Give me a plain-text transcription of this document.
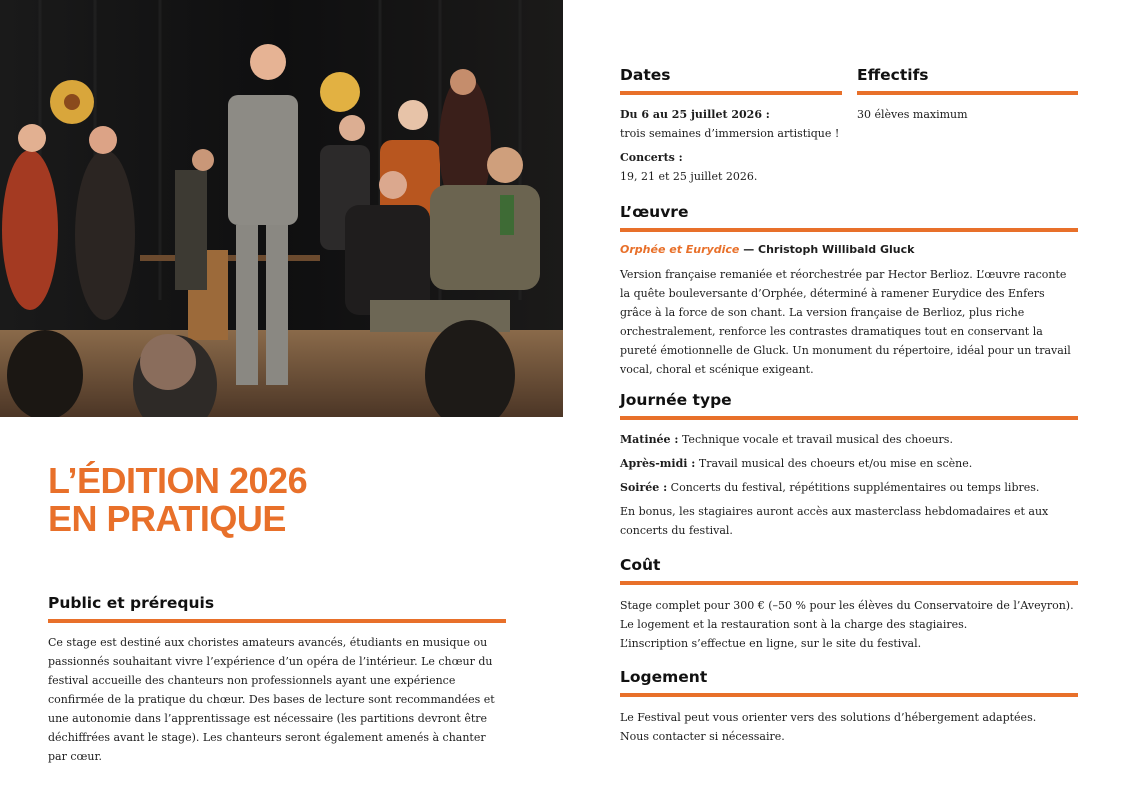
L’ÉDITION 2026
EN PRATIQUE
Public et prérequis

Ce stage est destiné aux choristes amateurs avancés, étudiants en musique ou passionnés souhaitant vivre l’expérience d’un opéra de l’intérieur. Le chœur du festival accueille des chanteurs non professionnels ayant une expérience confirmée de la pratique du chœur. Des bases de lecture sont recommandées et une autonomie dans l’apprentissage est nécessaire (les partitions devront être déchiffrées avant le stage). Les chanteurs seront également amenés à chanter par cœur.

Dates

Du 6 au 25 juillet 2026 :
trois semaines d’immersion artistique !

Concerts :
19, 21 et 25 juillet 2026.

Effectifs

30 élèves maximum

L’œuvre

Orphée et Eurydice — Christoph Willibald Gluck

Version française remaniée et réorchestrée par Hector Berlioz. L’œuvre raconte la quête bouleversante d’Orphée, déterminé à ramener Eurydice des Enfers grâce à la force de son chant. La version française de Berlioz, plus riche orchestralement, renforce les contrastes dramatiques tout en conservant la pureté émotionnelle de Gluck. Un monument du répertoire, idéal pour un travail vocal, choral et scénique exigeant.

Journée type

Matinée : Technique vocale et travail musical des choeurs.

Après-midi : Travail musical des choeurs et/ou mise en scène.

Soirée : Concerts du festival, répétitions supplémentaires ou temps libres.

En bonus, les stagiaires auront accès aux masterclass hebdomadaires et aux concerts du festival.

Coût

Stage complet pour 300 € (–50 % pour les élèves du Conservatoire de l’Aveyron).

Le logement et la restauration sont à la charge des stagiaires.

L’inscription s’effectue en ligne, sur le site du festival.

Logement

Le Festival peut vous orienter vers des solutions d’hébergement adaptées.

Nous contacter si nécessaire.
